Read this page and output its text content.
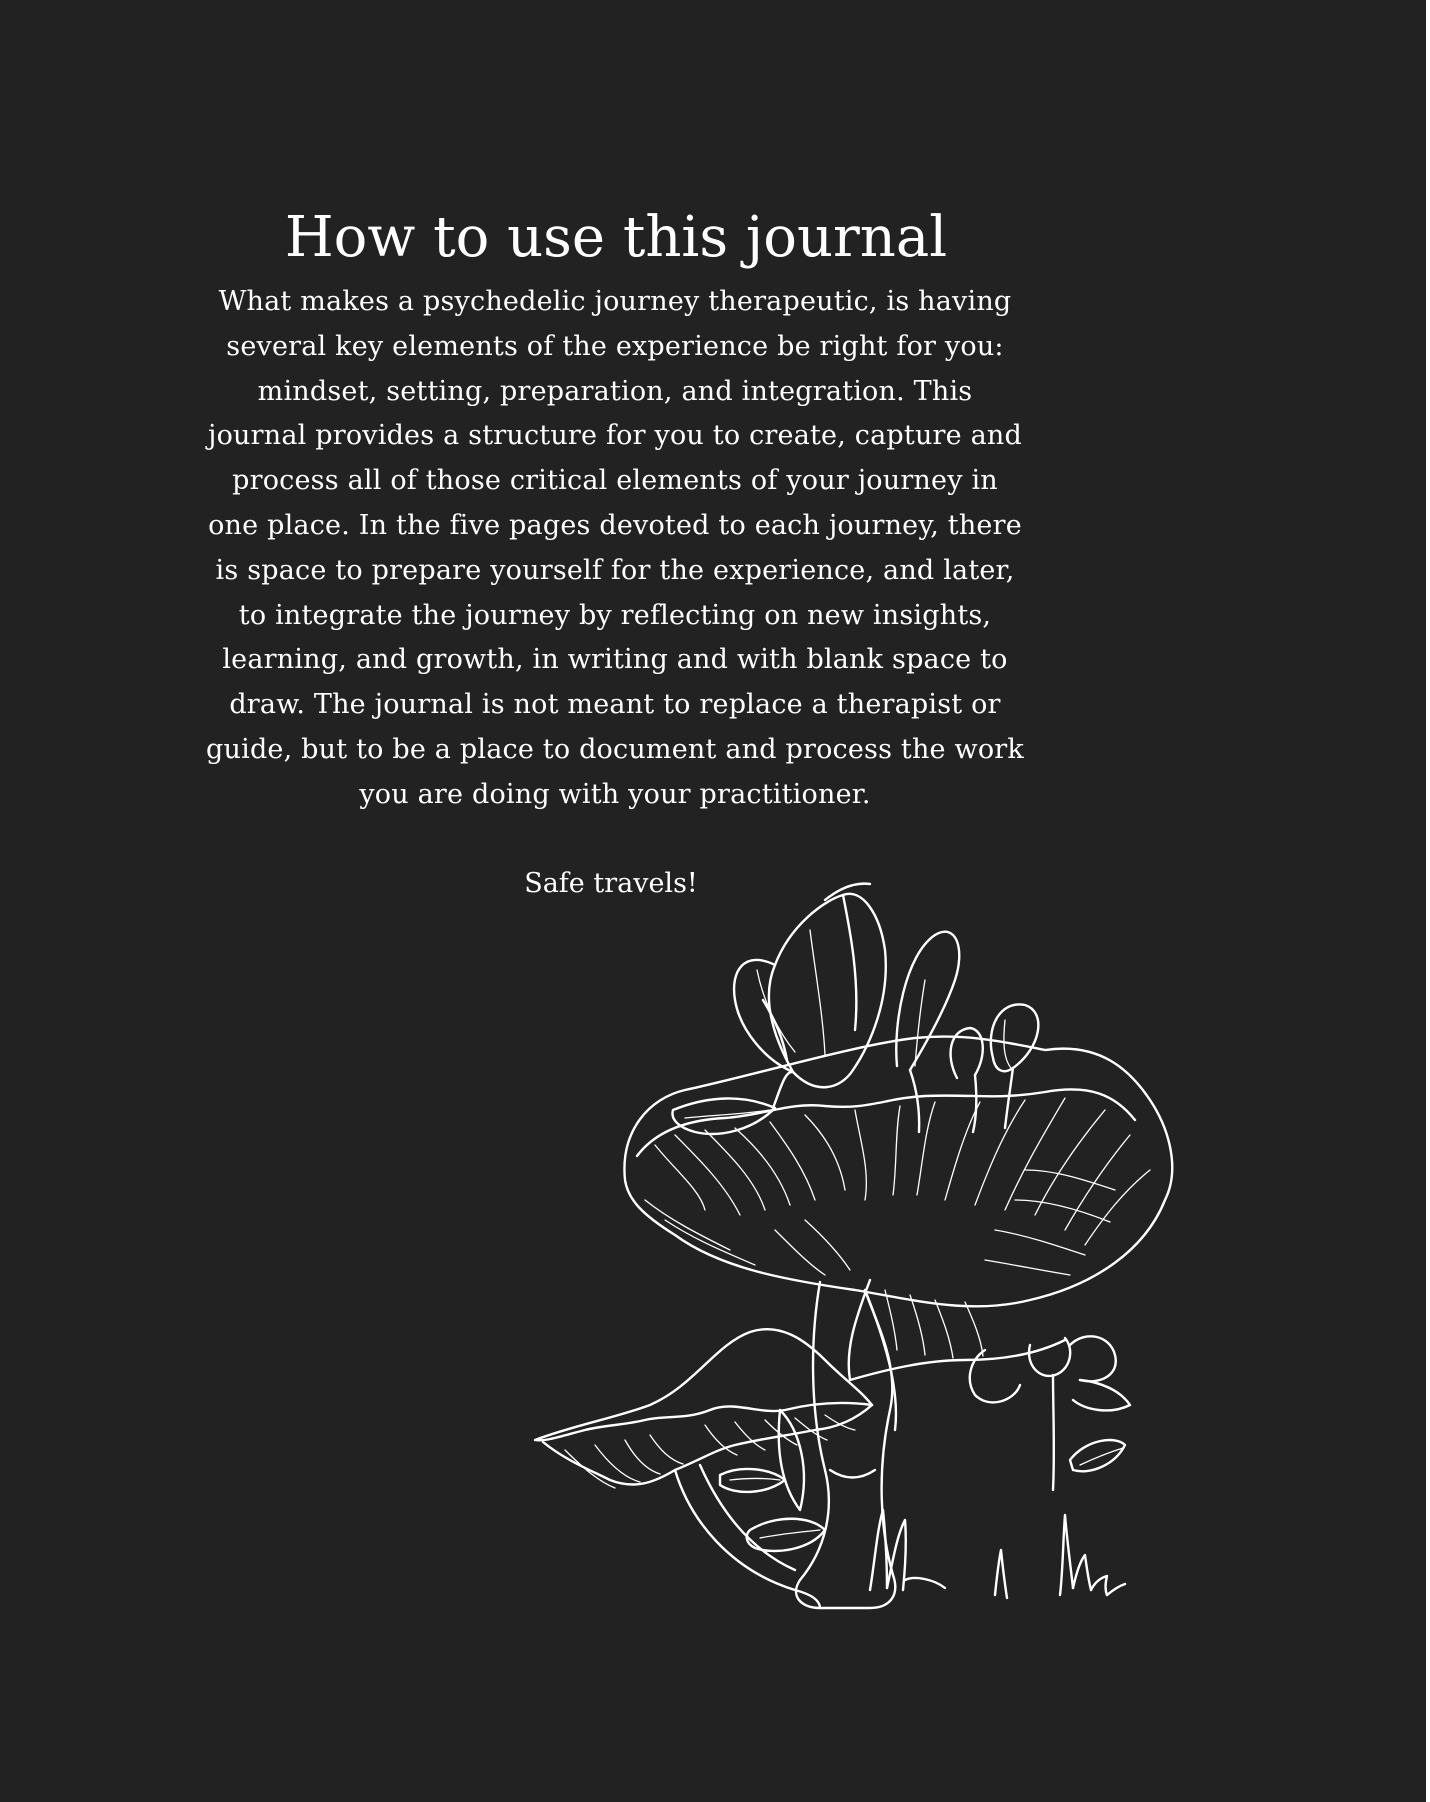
How to use this journal

What makes a psychedelic journey therapeutic, is having
several key elements of the experience be right for you:
mindset, setting, preparation, and integration. This
journal provides a structure for you to create, capture and
process all of those critical elements of your journey in
one place. In the five pages devoted to each journey, there
is space to prepare yourself for the experience, and later,
to integrate the journey by reflecting on new insights,
learning, and growth, in writing and with blank space to
draw. The journal is not meant to replace a therapist or
guide, but to be a place to document and process the work
you are doing with your practitioner.

Safe travels!
